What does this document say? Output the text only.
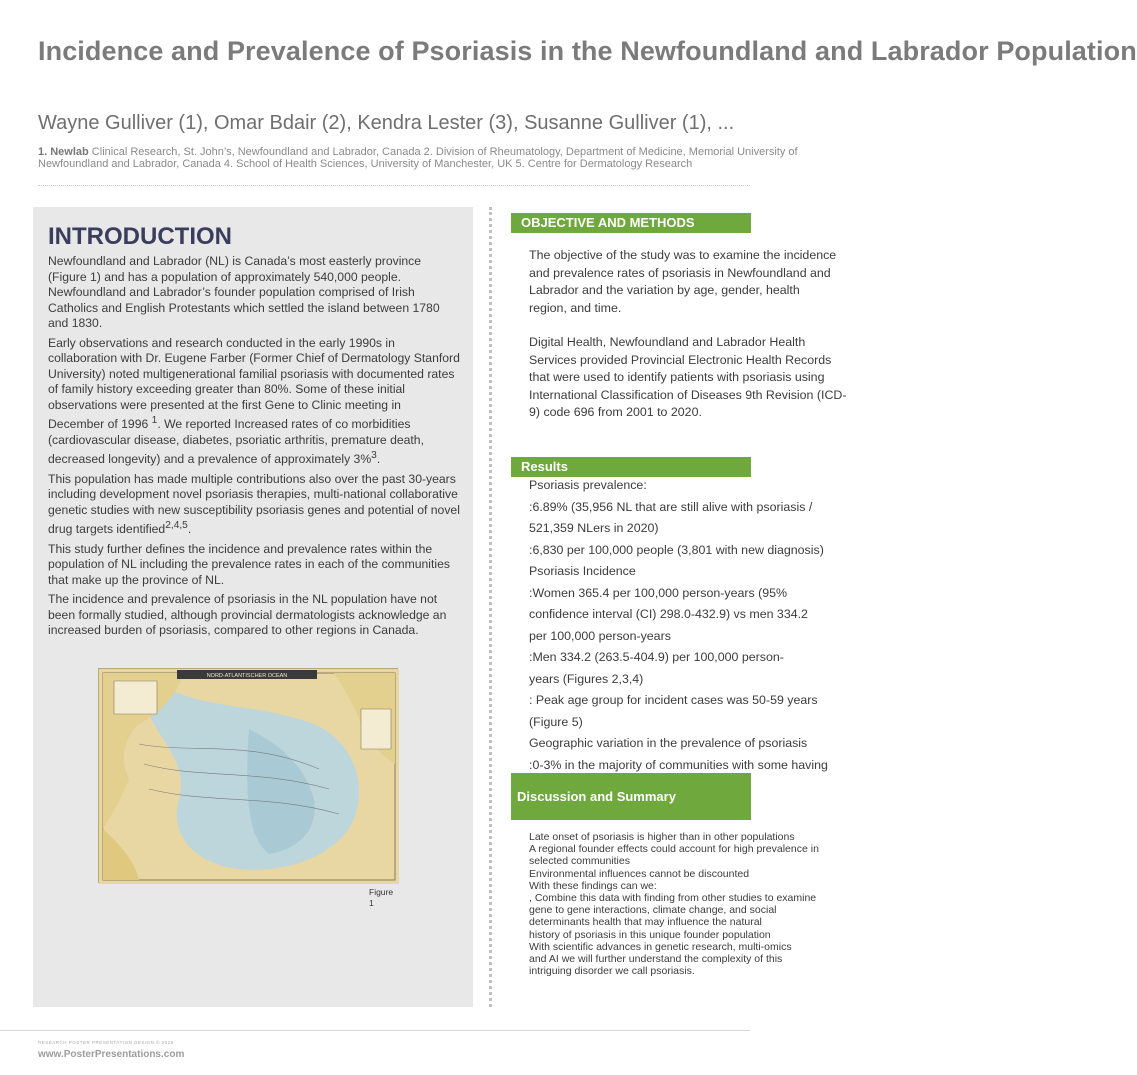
Incidence and Prevalence of Psoriasis in the Newfoundland and Labrador Population
Wayne Gulliver (1), Omar Bdair (2), Kendra Lester (3), Susanne Gulliver (1), ...
1. Newlab Clinical Research, St. John’s, Newfoundland and Labrador, Canada 2. Division of Rheumatology, Department of Medicine, Memorial University of
Newfoundland and Labrador, Canada 4. School of Health Sciences, University of Manchester, UK 5. Centre for Dermatology Research
INTRODUCTION

Newfoundland and Labrador (NL) is Canada’s most easterly province (Figure 1) and has a population of approximately 540,000 people. Newfoundland and Labrador’s founder population comprised of Irish Catholics and English Protestants which settled the island between 1780 and 1830.

Early observations and research conducted in the early 1990s in collaboration with Dr. Eugene Farber (Former Chief of Dermatology Stanford University) noted multigenerational familial psoriasis with documented rates of family history exceeding greater than 80%. Some of these initial observations were presented at the first Gene to Clinic meeting in December of 1996 $^1$. We reported Increased rates of co morbidities (cardiovascular disease, diabetes, psoriatic arthritis, premature death, decreased longevity) and a prevalence of approximately 3%$^3$.

This population has made multiple contributions also over the past 30-years including development novel psoriasis therapies, multi-national collaborative genetic studies with new susceptibility psoriasis genes and potential of novel drug targets identified$^{2,4,5}$.

This study further defines the incidence and prevalence rates within the population of NL including the prevalence rates in each of the communities that make up the province of NL.

The incidence and prevalence of psoriasis in the NL population have not been formally studied, although provincial dermatologists acknowledge an increased burden of psoriasis, compared to other regions in Canada.

NORD-ATLANTISCHER OCEAN
Figure
1
OBJECTIVE AND METHODS
The objective of the study was to examine the incidence
and prevalence rates of psoriasis in Newfoundland and
Labrador and the variation by age, gender, health
region, and time.
Digital Health, Newfoundland and Labrador Health
Services provided Provincial Electronic Health Records
that were used to identify patients with psoriasis using
International Classification of Diseases 9th Revision (ICD-
9) code 696 from 2001 to 2020.
Results
Psoriasis prevalence:
:6.89% (35,956 NL that are still alive with psoriasis /
521,359 NLers in 2020)
:6,830 per 100,000 people (3,801 with new diagnosis)
Psoriasis Incidence
:Women 365.4 per 100,000 person-years (95%
confidence interval (CI) 298.0-432.9) vs men 334.2
per 100,000 person-years
:Men 334.2 (263.5-404.9) per 100,000 person-
years (Figures 2,3,4)
: Peak age group for incident cases was 50-59 years
(Figure 5)
Geographic variation in the prevalence of psoriasis
:0-3% in the majority of communities with some having
Discussion and Summary
Late onset of psoriasis is higher than in other populations
A regional founder effects could account for high prevalence in
selected communities
Environmental influences cannot be discounted
With these findings can we:
, Combine this data with finding from other studies to examine
gene to gene interactions, climate change, and social
determinants health that may influence the natural
history of psoriasis in this unique founder population
With scientific advances in genetic research, multi-omics
and AI we will further understand the complexity of this
intriguing disorder we call psoriasis.
RESEARCH POSTER PRESENTATION DESIGN © 2015
www.PosterPresentations.com
